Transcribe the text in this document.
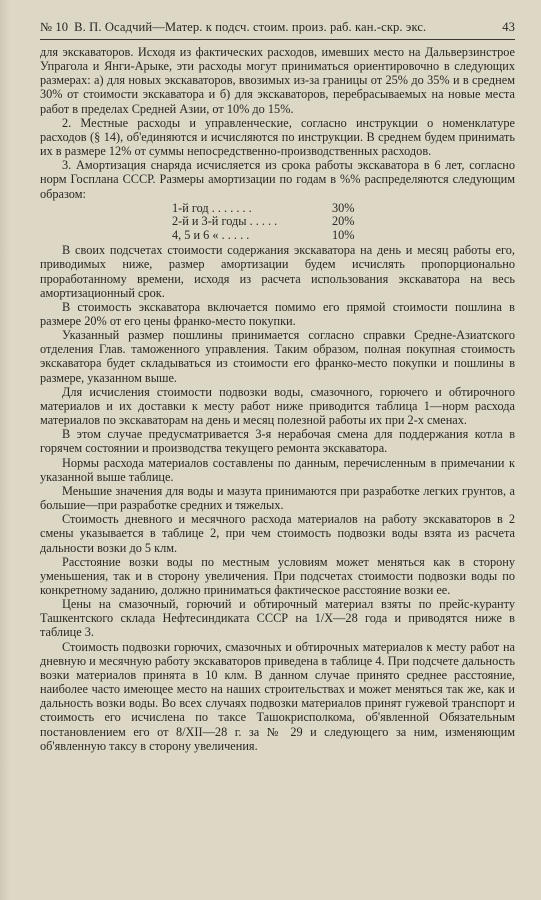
№ 10 В. П. Осадчий—Матер. к подсч. стоим. произ. раб. кан.-скр. экс.	43

для экскаваторов. Исходя из фактических расходов, имевших место на Дальверзинстрое Упрагола и Янги-Арыке, эти расходы могут приниматься ориентировочно в следующих размерах: а) для новых экскаваторов, ввозимых из-за границы от 25% до 35% и в среднем 30% от стоимости экскаватора и б) для экскаваторов, перебрасываемых на новые места работ в пределах Средней Азии, от 10% до 15%.

2. Местные расходы и управленческие, согласно инструкции о номенклатуре расходов (§ 14), об'единяются и исчисляются по инструкции. В среднем будем принимать их в размере 12% от суммы непосредственно-производственных расходов.

3. Амортизация снаряда исчисляется из срока работы экскаватора в 6 лет, согласно норм Госплана СССР. Размеры амортизации по годам в %% распределяются следующим образом:

1-й год . . . . . . .	30%
2-й и 3-й годы . . . . .	20%
4, 5 и 6 « . . . . .	10%

В своих подсчетах стоимости содержания экскаватора на день и месяц работы его, приводимых ниже, размер амортизации будем исчислять пропорционально проработанному времени, исходя из расчета использования экскаватора на весь амортизационный срок.

В стоимость экскаватора включается помимо его прямой стоимости пошлина в размере 20% от его цены франко-место покупки.

Указанный размер пошлины принимается согласно справки Средне-Азиатского отделения Глав. таможенного управления. Таким образом, полная покупная стоимость экскаватора будет складываться из стоимости его франко-место покупки и пошлины в размере, указанном выше.

Для исчисления стоимости подвозки воды, смазочного, горючего и обтирочного материалов и их доставки к месту работ ниже приводится таблица 1—норм расхода материалов по экскаваторам на день и месяц полезной работы их при 2-х сменах.

В этом случае предусматривается 3-я нерабочая смена для поддержания котла в горячем состоянии и производства текущего ремонта экскаватора.

Нормы расхода материалов составлены по данным, перечисленным в примечании к указанной выше таблице.

Меньшие значения для воды и мазута принимаются при разработке легких грунтов, а большие—при разработке средних и тяжелых.

Стоимость дневного и месячного расхода материалов на работу экскаваторов в 2 смены указывается в таблице 2, при чем стоимость подвозки воды взята из расчета дальности возки до 5 клм.

Расстояние возки воды по местным условиям может меняться как в сторону уменьшения, так и в сторону увеличения. При подсчетах стоимости подвозки воды по конкретному заданию, должно приниматься фактическое расстояние возки ее.

Цены на смазочный, горючий и обтирочный материал взяты по прейс-куранту Ташкентского склада Нефтесиндиката СССР на 1/X—28 года и приводятся ниже в таблице 3.

Стоимость подвозки горючих, смазочных и обтирочных материалов к месту работ на дневную и месячную работу экскаваторов приведена в таблице 4. При подсчете дальность возки материалов принята в 10 клм. В данном случае принято среднее расстояние, наиболее часто имеющее место на наших строительствах и может меняться так же, как и дальность возки воды. Во всех случаях подвозки материалов принят гужевой транспорт и стоимость его исчислена по таксе Ташокрисполкома, об'явленной Обязательным постановлением его от 8/XII—28 г. за № 29 и следующего за ним, изменяющим об'явленную таксу в сторону увеличения.
